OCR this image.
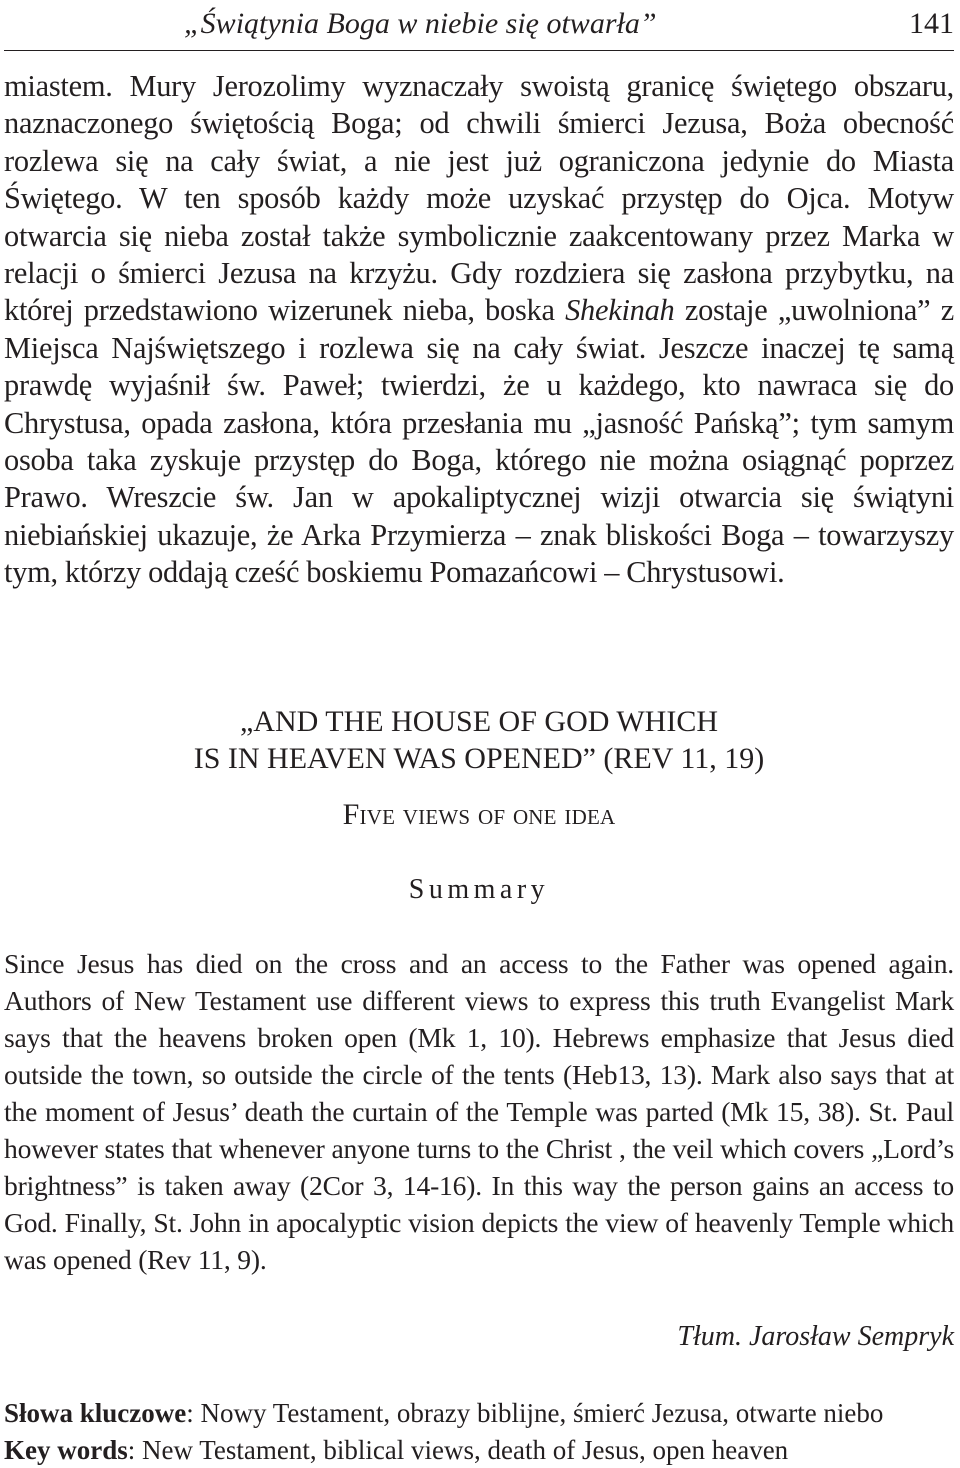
„Świątynia Boga w niebie się otwarła”	141

miastem. Mury Jerozolimy wyznaczały swoistą granicę świętego obszaru, naznaczonego świętością Boga; od chwili śmierci Jezusa, Boża obecność rozlewa się na cały świat, a nie jest już ograniczona jedynie do Miasta Świętego. W ten sposób każdy może uzyskać przystęp do Ojca. Motyw otwarcia się nieba został także symbolicznie zaakcentowany przez Marka w relacji o śmierci Jezusa na krzyżu. Gdy rozdziera się zasłona przybytku, na której przedstawiono wizerunek nieba, boska Shekinah zostaje „uwolniona” z Miejsca Najświętszego i rozlewa się na cały świat. Jeszcze inaczej tę samą prawdę wyjaśnił św. Paweł; twierdzi, że u każdego, kto nawraca się do Chrystusa, opada zasłona, która przesłania mu „jasność Pańską”; tym samym osoba taka zyskuje przystęp do Boga, którego nie można osiągnąć poprzez Prawo. Wreszcie św. Jan w apokaliptycznej wizji otwarcia się świątyni niebiańskiej ukazuje, że Arka Przymierza – znak bliskości Boga – towarzyszy tym, którzy oddają cześć boskiemu Pomazańcowi – Chrystusowi.

„AND THE HOUSE OF GOD WHICH
IS IN HEAVEN WAS OPENED” (REV 11, 19)
Five views of one idea
Summary

Since Jesus has died on the cross and an access to the Father was opened again. Authors of New Testament use different views to express this truth Evangelist Mark says that the heavens broken open (Mk 1, 10). Hebrews emphasize that Jesus died outside the town, so outside the circle of the tents (Heb13, 13). Mark also says that at the moment of Jesus’ death the curtain of the Temple was parted (Mk 15, 38). St. Paul however states that whenever anyone turns to the Christ , the veil which covers „Lord’s brightness” is taken away (2Cor 3, 14-16). In this way the person gains an access to God. Finally, St. John in apocalyptic vision depicts the view of heavenly Temple which was opened (Rev 11, 9).

Tłum. Jarosław Sempryk
Słowa kluczowe: Nowy Testament, obrazy biblijne, śmierć Jezusa, otwarte niebo
Key words: New Testament, biblical views, death of Jesus, open heaven
